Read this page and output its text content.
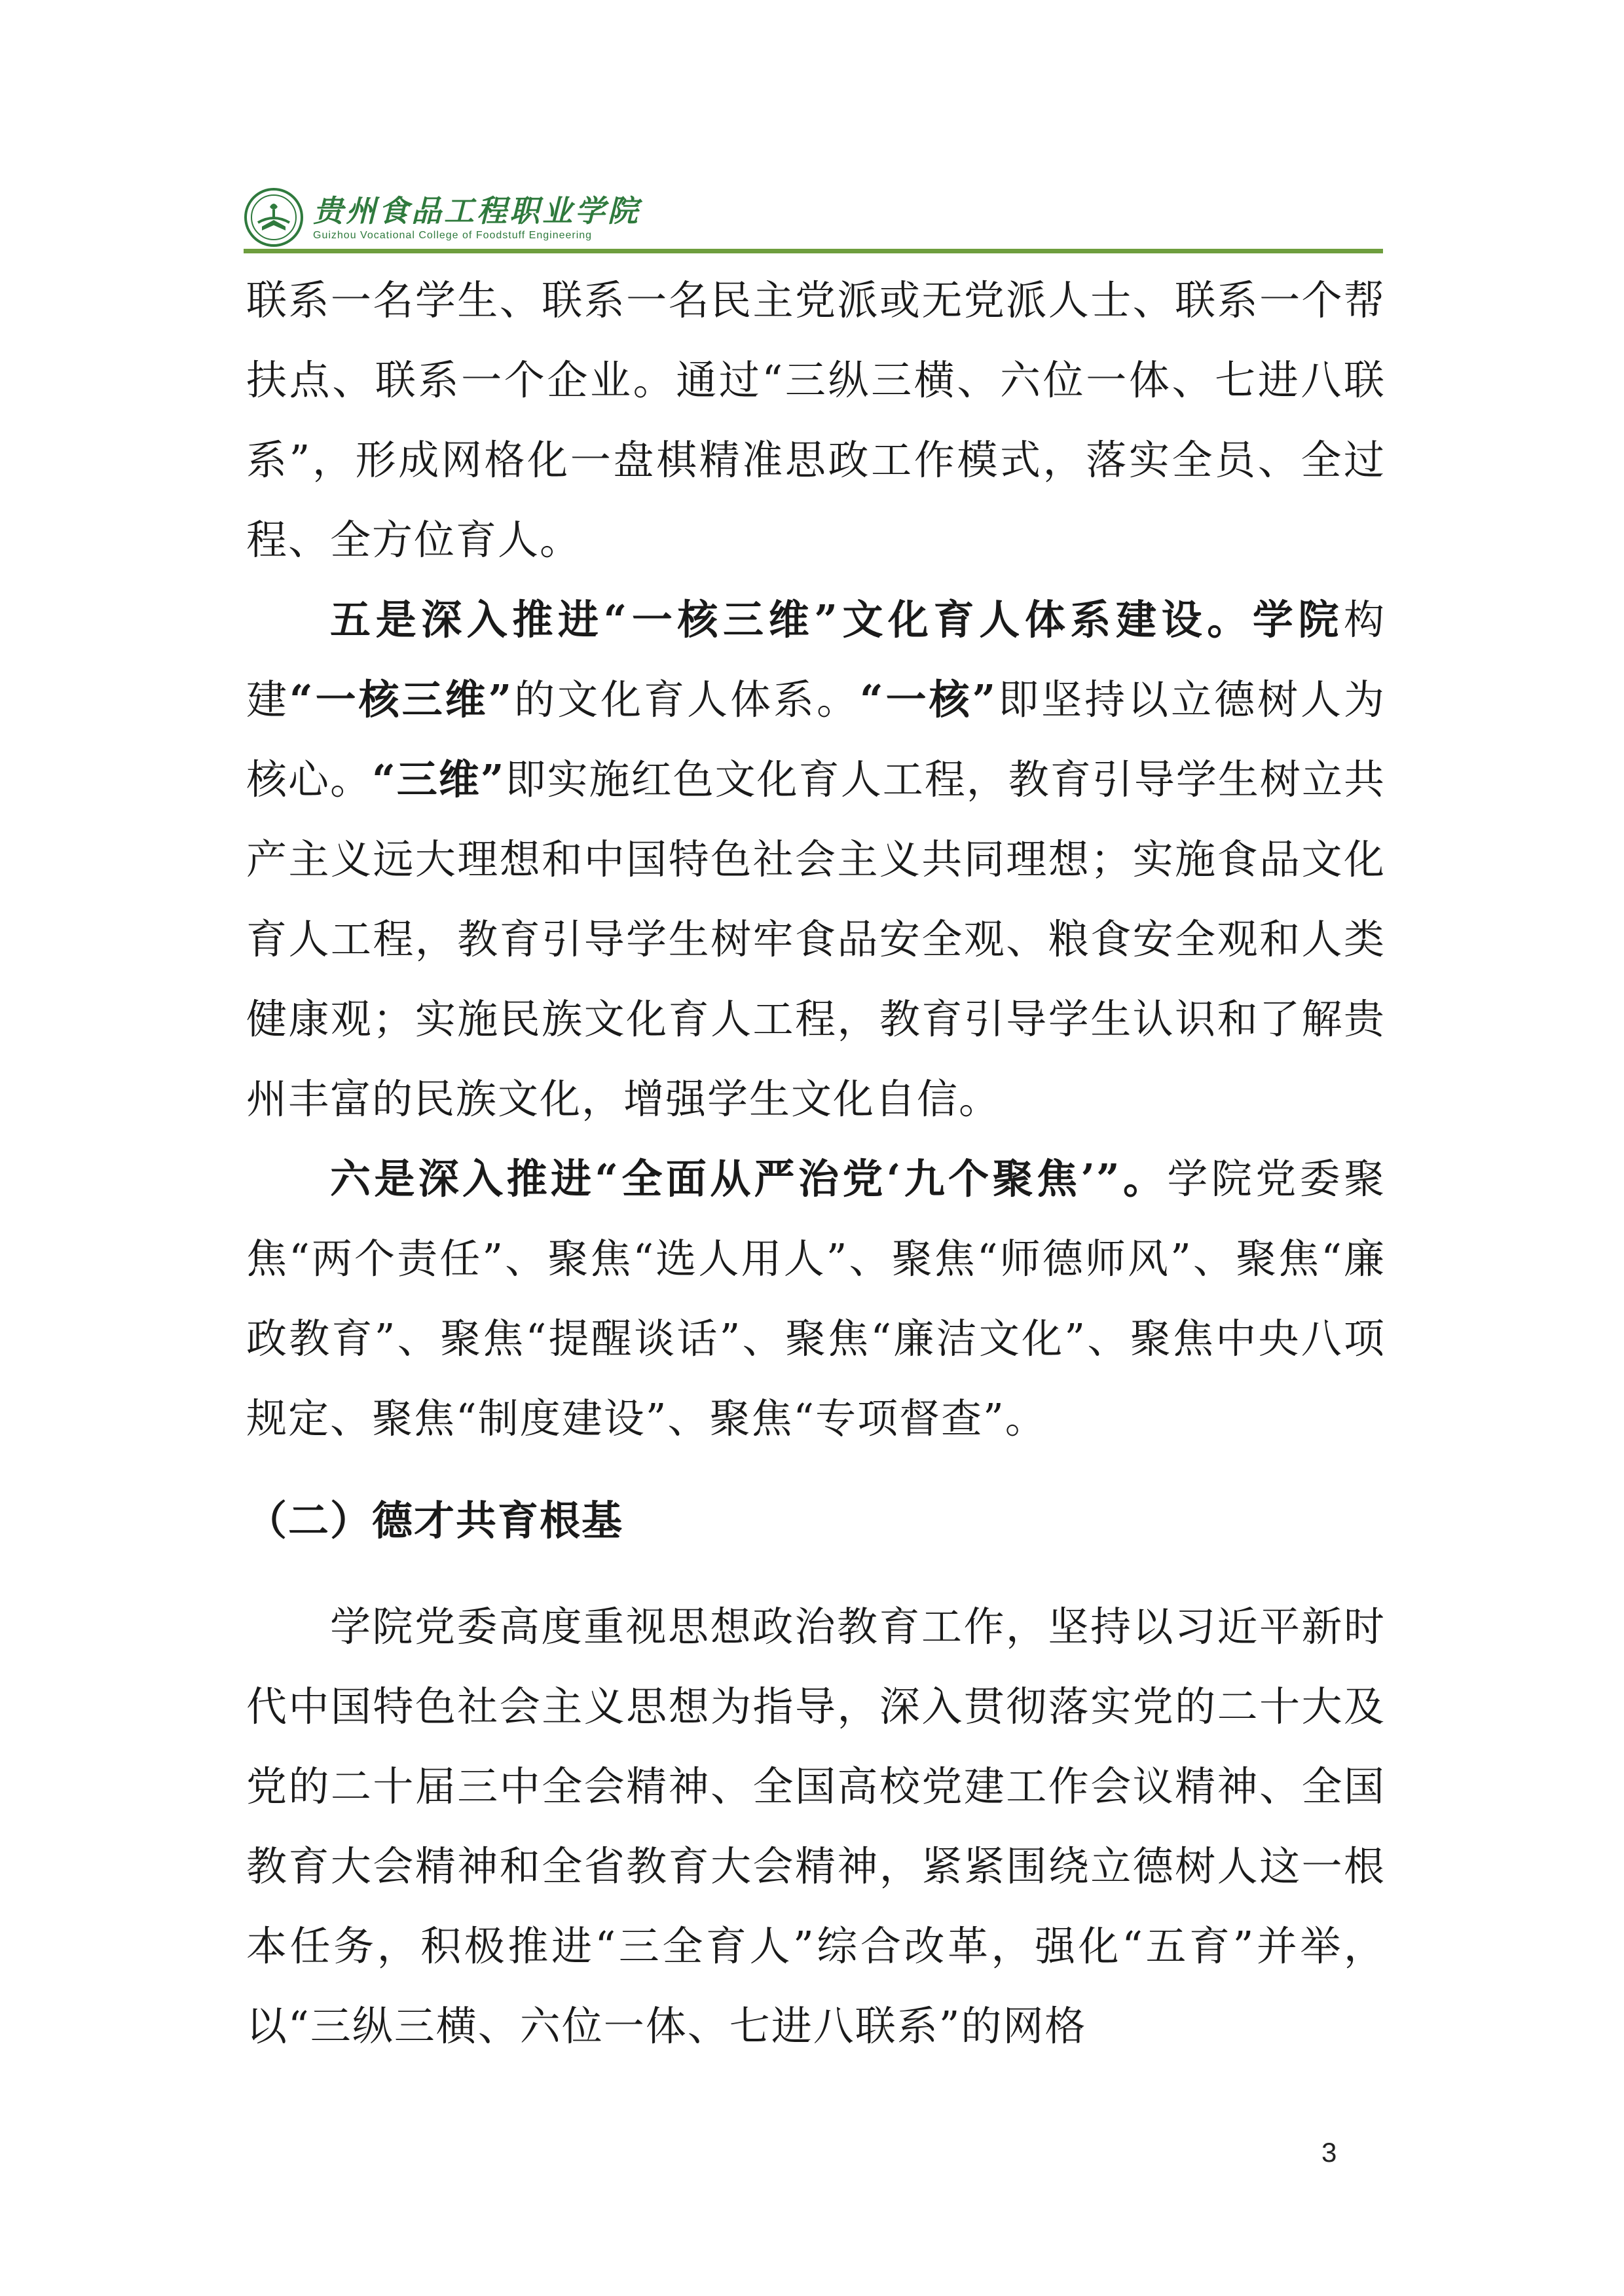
贵州食品工程职业学院
Guizhou Vocational College of Foodstuff Engineering

联系一名学生、联系一名民主党派或无党派人士、联系一个帮扶点、联系一个企业。通过“三纵三横、六位一体、七进八联系”，形成网格化一盘棋精准思政工作模式，落实全员、全过程、全方位育人。

五是深入推进“一核三维”文化育人体系建设。学院构建“一核三维”的文化育人体系。“一核”即坚持以立德树人为核心。“三维”即实施红色文化育人工程，教育引导学生树立共产主义远大理想和中国特色社会主义共同理想；实施食品文化育人工程，教育引导学生树牢食品安全观、粮食安全观和人类健康观；实施民族文化育人工程，教育引导学生认识和了解贵州丰富的民族文化，增强学生文化自信。

六是深入推进“全面从严治党‘九个聚焦’”。学院党委聚焦“两个责任”、聚焦“选人用人”、聚焦“师德师风”、聚焦“廉政教育”、聚焦“提醒谈话”、聚焦“廉洁文化”、聚焦中央八项规定、聚焦“制度建设”、聚焦“专项督查”。

（二）德才共育根基

学院党委高度重视思想政治教育工作，坚持以习近平新时代中国特色社会主义思想为指导，深入贯彻落实党的二十大及党的二十届三中全会精神、全国高校党建工作会议精神、全国教育大会精神和全省教育大会精神，紧紧围绕立德树人这一根本任务，积极推进“三全育人”综合改革，强化“五育”并举，以“三纵三横、六位一体、七进八联系”的网格

3
